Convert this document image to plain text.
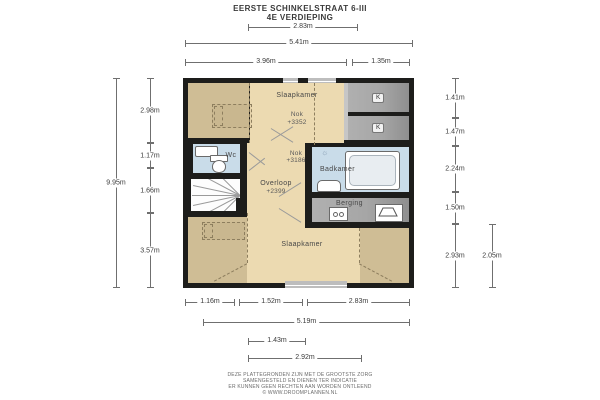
EERSTE SCHINKELSTRAAT 6-III
4E VERDIEPING
2.83m
5.41m
3.96m	1.35m
9.95m
2.98m
1.17m
1.66m
3.57m
1.41m
1.47m
2.24m
1.50m
2.93m	2.05m
1.16m	1.52m	2.83m
5.19m
1.43m
2.92m
☼
Slaapkamer
Nok
+3352
Nok
+3186
Overloop
+2399
Wc
Badkamer
Berging
Slaapkamer
K
K
DEZE PLATTEGRONDEN ZIJN MET DE GROOTSTE ZORG
SAMENGESTELD EN DIENEN TER INDICATIE
ER KUNNEN GEEN RECHTEN AAN WORDEN ONTLEEND
© WWW.DROOMPLANNEN.NL
